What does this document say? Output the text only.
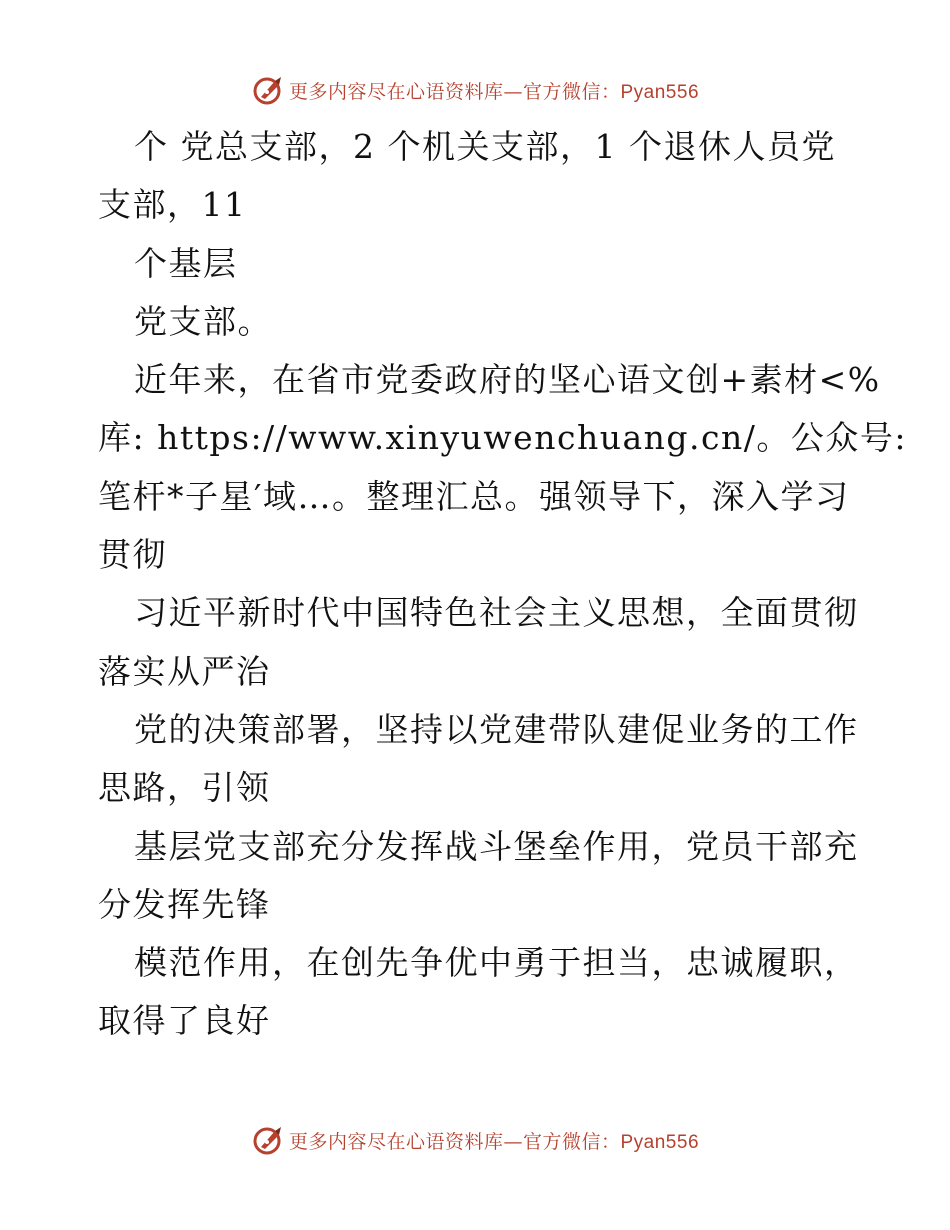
更多内容尽在心语资料库—官方微信：Pyan556
个 党总支部，2 个机关支部，1 个退休人员党
支部，11
个基层
党支部。
近年来，在省市党委政府的坚心语文创+素材<%
库: https://www.xinyuwenchuang.cn/。公众号:
笔杆*子星′域…。整理汇总。强领导下，深入学习
贯彻
习近平新时代中国特色社会主义思想，全面贯彻
落实从严治
党的决策部署，坚持以党建带队建促业务的工作
思路，引领
基层党支部充分发挥战斗堡垒作用，党员干部充
分发挥先锋
模范作用，在创先争优中勇于担当，忠诚履职，
取得了良好
更多内容尽在心语资料库—官方微信：Pyan556
